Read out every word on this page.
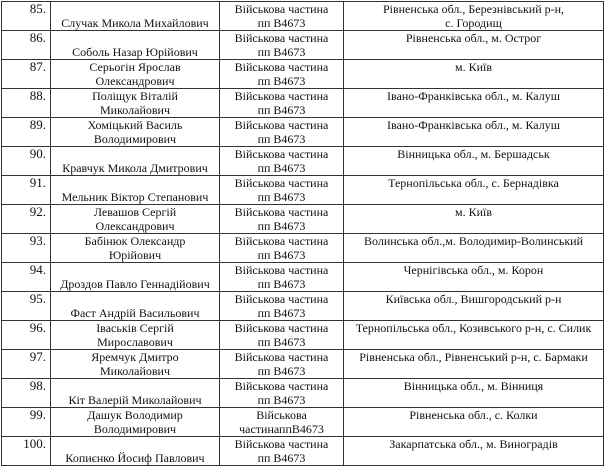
85.	Случак Микола Михайлович	Військова частина
пп В4673	Рівненська обл., Березнівський р-н,
с. Городищ

86.	Соболь Назар Юрійович	Військова частина
пп В4673	Рівненська обл., м. Острог

87.	Серьогін Ярослав
Олександрович	Військова частина
пп В4673	м. Київ

88.	Поліщук Віталій
Миколайович	Військова частина
пп В4673	Івано-Франківська обл., м. Калуш

89.	Хоміцький Василь
Володимирович	Військова частина
пп В4673	Івано-Франківська обл., м. Калуш

90.	Кравчук Микола Дмитрович	Військова частина
пп В4673	Вінницька обл., м. Бершадськ

91.	Мельник Віктор Степанович	Військова частина
пп В4673	Тернопільська обл., с. Бернадівка

92.	Левашов Сергій
Олександрович	Військова частина
пп В4673	м. Київ

93.	Бабінюк Олександр
Юрійович	Військова частина
пп В4673	Волинська обл.,м. Володимир-Волинський

94.	Дроздов Павло Геннадійович	Військова частина
пп В4673	Чернігівська обл., м. Корон

95.	Фаст Андрій Васильович	Військова частина
пп В4673	Київська обл., Вишгородський р-н

96.	Іваськів Сергій
Мирославович	Військова частина
пп В4673	Тернопільська обл., Козивського р-н, с. Силик

97.	Яремчук Дмитро
Миколайович	Військова частина
пп В4673	Рівненська обл., Рівненський р-н, с. Бармаки

98.	Кіт Валерій Миколайович	Військова частина
пп В4673	Вінницька обл., м. Вінниця

99.	Дашук Володимир
Володимирович	Військова
частинаппВ4673	Рівненська обл., с. Колки

100.	Копиєнко Йосиф Павлович	Військова частина
пп В4673	Закарпатська обл., м. Виноградів
